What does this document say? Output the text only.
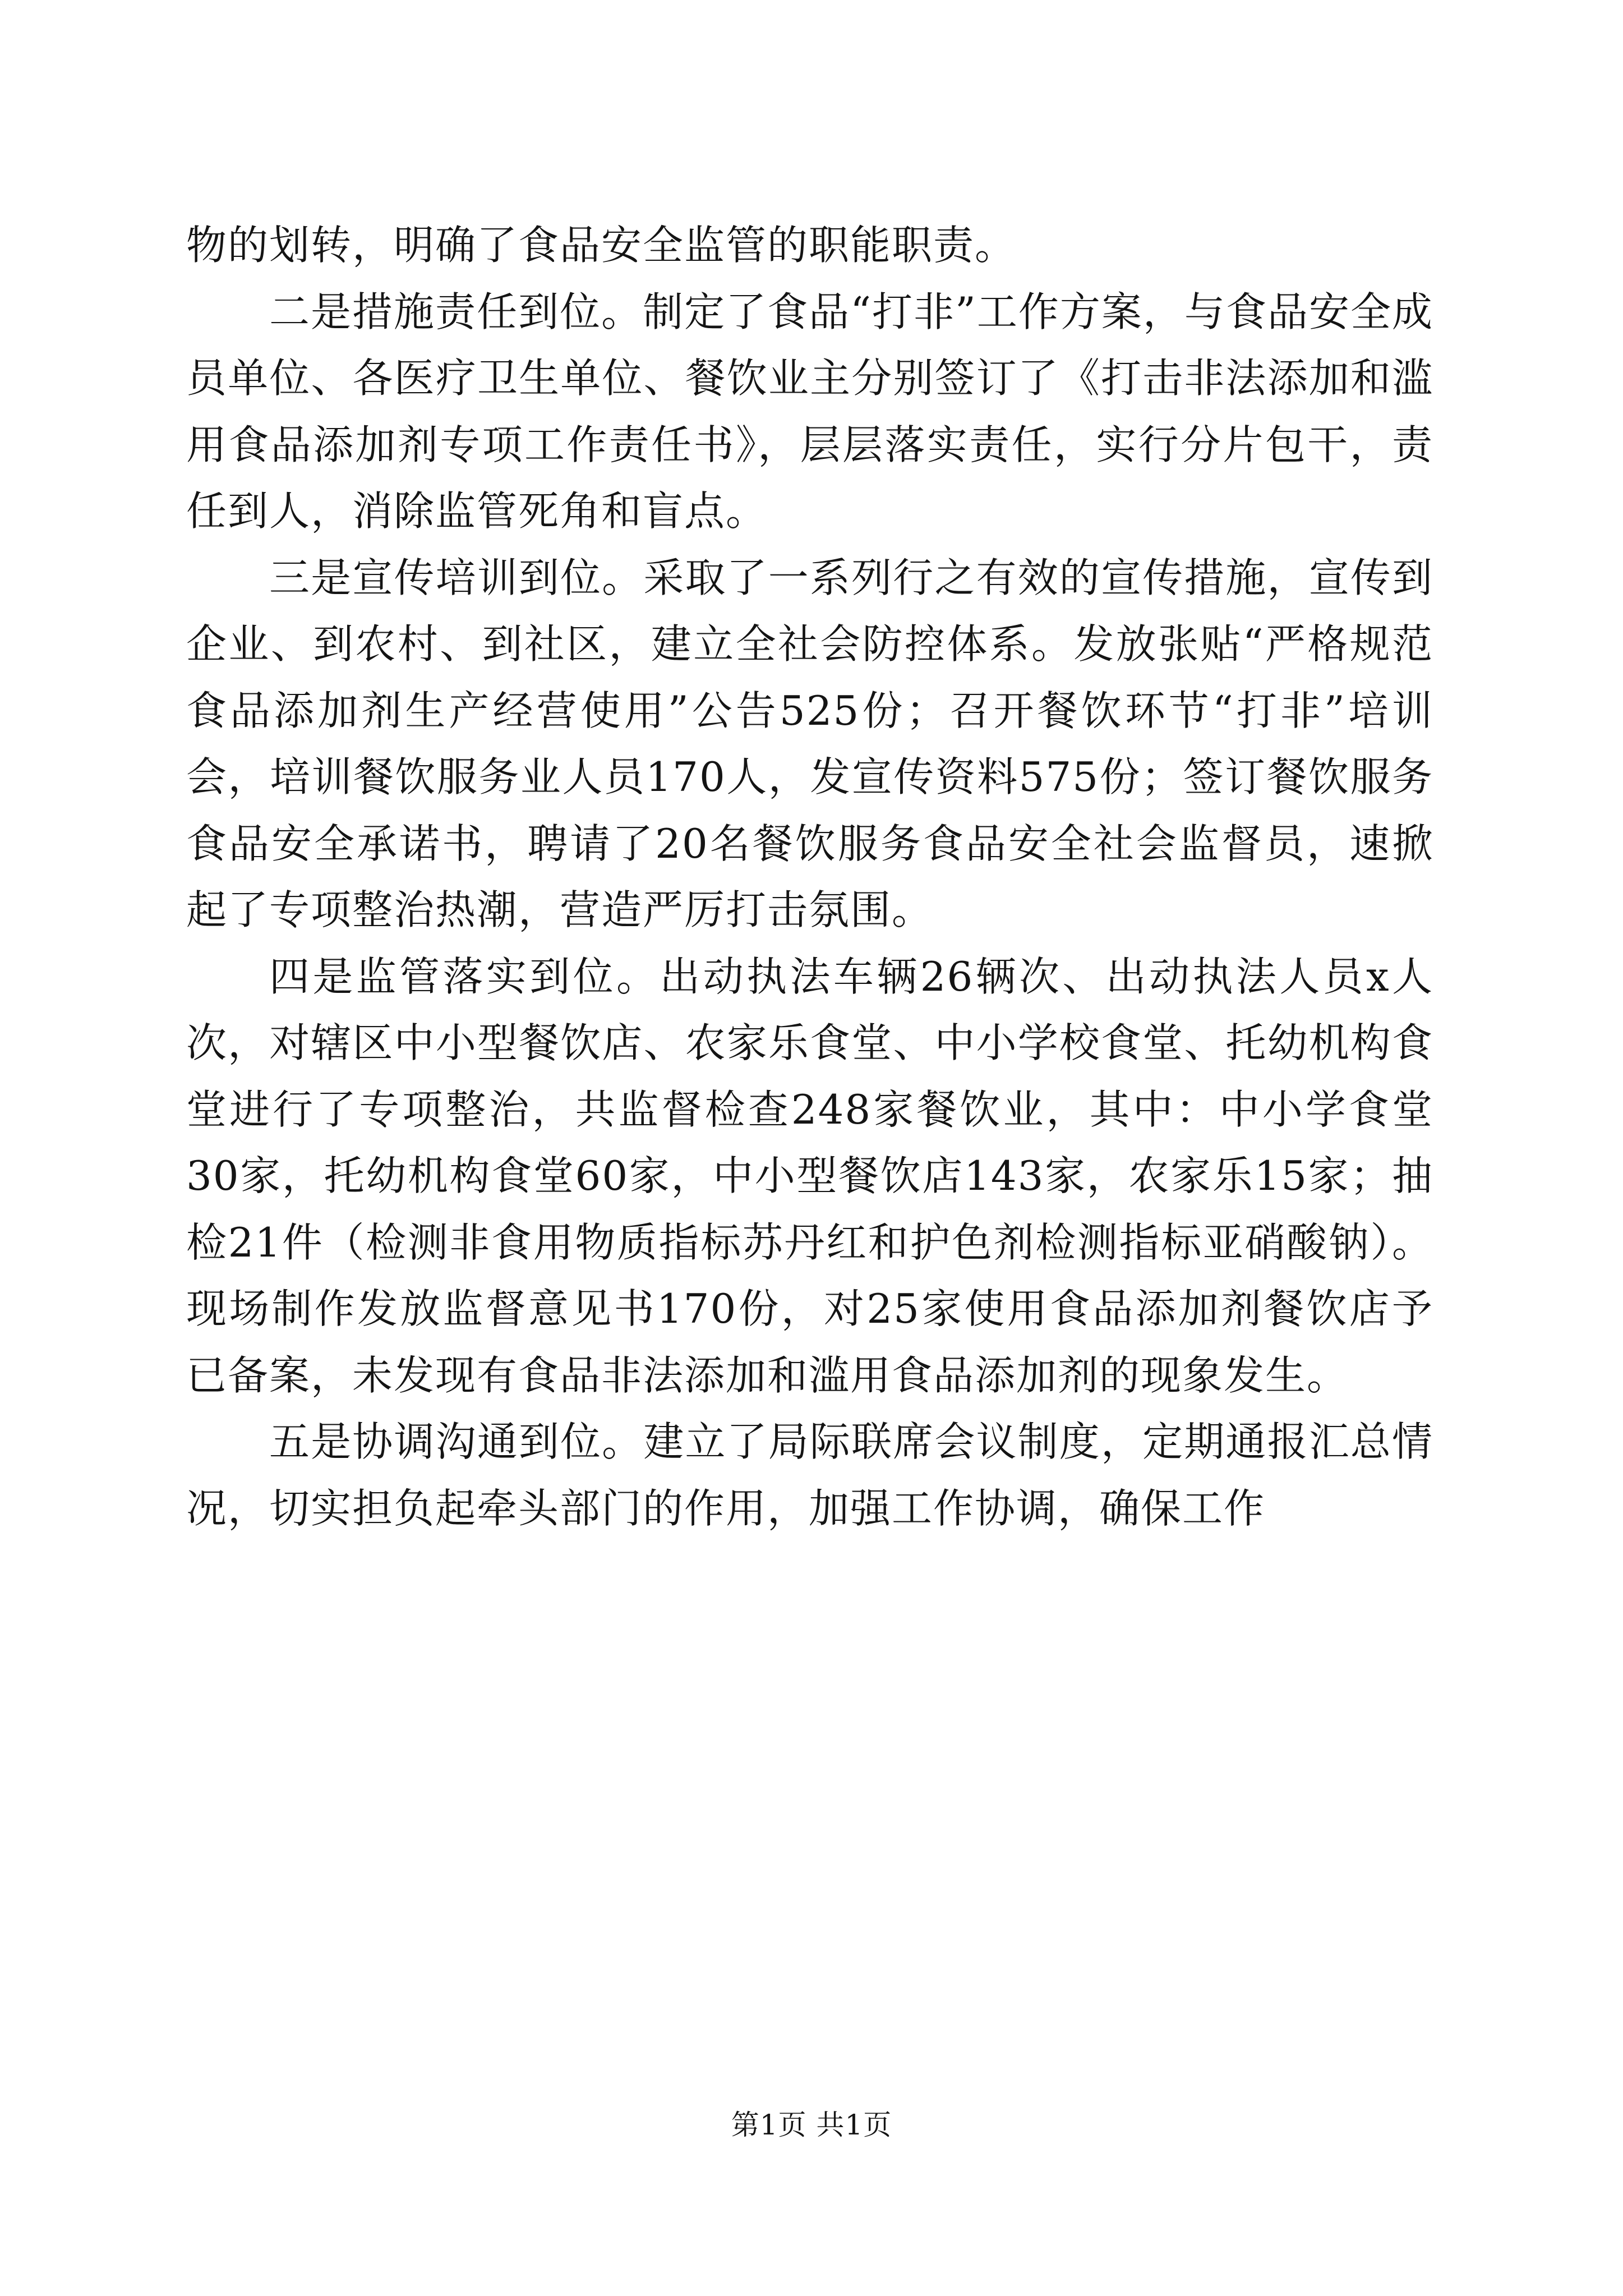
物的划转，明确了食品安全监管的职能职责。

二是措施责任到位。制定了食品“打非”工作方案，与食品安全成员单位、各医疗卫生单位、餐饮业主分别签订了《打击非法添加和滥用食品添加剂专项工作责任书》，层层落实责任，实行分片包干，责任到人，消除监管死角和盲点。

三是宣传培训到位。采取了一系列行之有效的宣传措施，宣传到企业、到农村、到社区，建立全社会防控体系。发放张贴“严格规范食品添加剂生产经营使用”公告525份；召开餐饮环节“打非”培训会，培训餐饮服务业人员170人，发宣传资料575份；签订餐饮服务食品安全承诺书，聘请了20名餐饮服务食品安全社会监督员，速掀起了专项整治热潮，营造严厉打击氛围。

四是监管落实到位。出动执法车辆26辆次、出动执法人员x人次，对辖区中小型餐饮店、农家乐食堂、中小学校食堂、托幼机构食堂进行了专项整治，共监督检查248家餐饮业，其中：中小学食堂30家，托幼机构食堂60家，中小型餐饮店143家，农家乐15家；抽检21件（检测非食用物质指标苏丹红和护色剂检测指标亚硝酸钠）。现场制作发放监督意见书170份，对25家使用食品添加剂餐饮店予已备案，未发现有食品非法添加和滥用食品添加剂的现象发生。

五是协调沟通到位。建立了局际联席会议制度，定期通报汇总情况，切实担负起牵头部门的作用，加强工作协调，确保工作

第1页 共1页
